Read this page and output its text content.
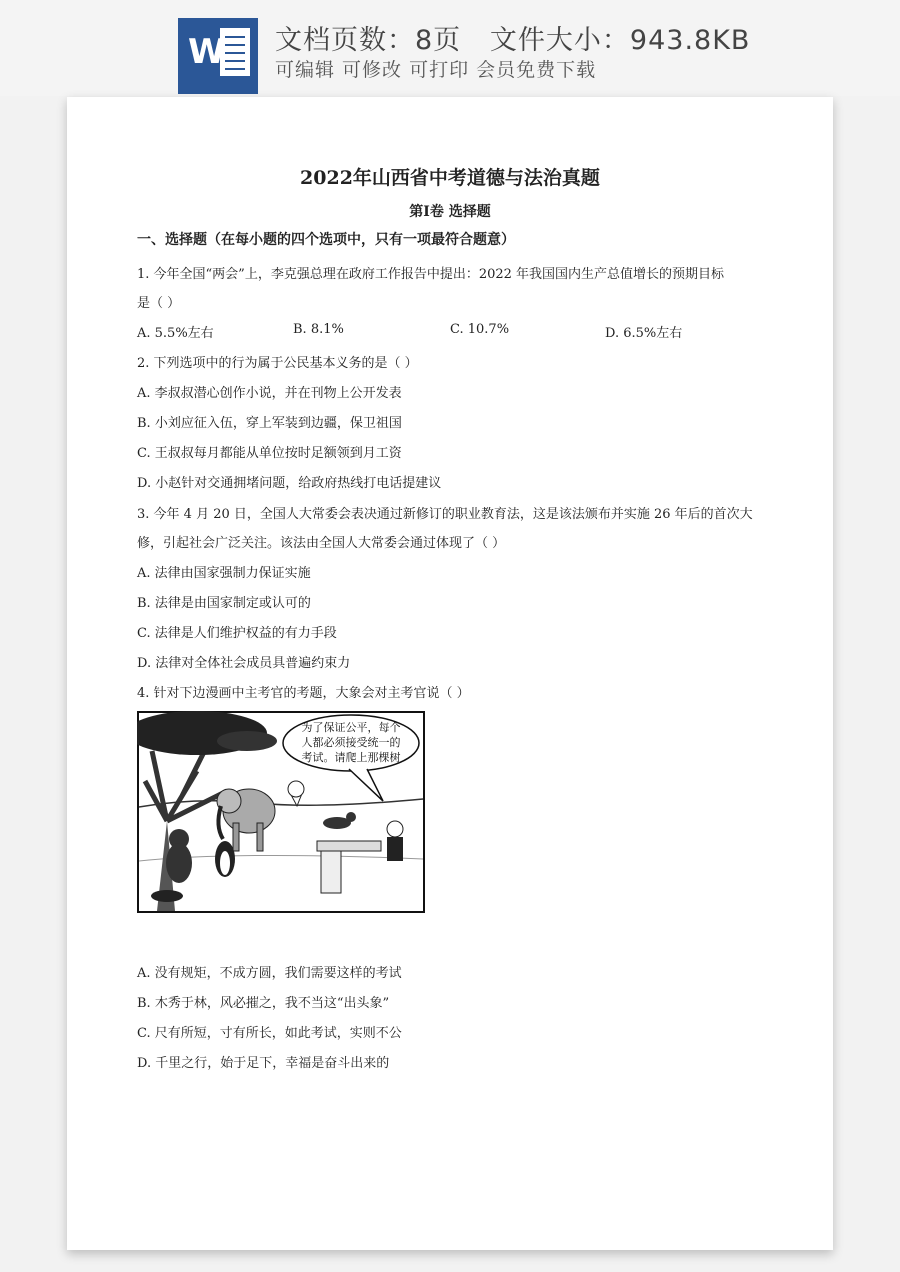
W 文档页数：8页   文件大小：943.8KB
可编辑 可修改 可打印 会员免费下载
2022年山西省中考道德与法治真题
第Ⅰ卷 选择题
一、选择题（在每小题的四个选项中，只有一项最符合题意）
1. 今年全国“两会”上，李克强总理在政府工作报告中提出：2022 年我国国内生产总值增长的预期目标
是（ ）
A. 5.5%左右	B. 8.1%	C. 10.7%	D. 6.5%左右
2. 下列选项中的行为属于公民基本义务的是（ ）
A. 李叔叔潜心创作小说，并在刊物上公开发表
B. 小刘应征入伍，穿上军装到边疆，保卫祖国
C. 王叔叔每月都能从单位按时足额领到月工资
D. 小赵针对交通拥堵问题，给政府热线打电话提建议
3. 今年 4 月 20 日，全国人大常委会表决通过新修订的职业教育法，这是该法颁布并实施 26 年后的首次大
修，引起社会广泛关注。该法由全国人大常委会通过体现了（ ）
A. 法律由国家强制力保证实施
B. 法律是由国家制定或认可的
C. 法律是人们维护权益的有力手段
D. 法律对全体社会成员具普遍约束力
4. 针对下边漫画中主考官的考题，大象会对主考官说（ ）
为了保证公平，每个
人都必须接受统一的
考试。请爬上那棵树
A. 没有规矩，不成方圆，我们需要这样的考试
B. 木秀于林，风必摧之，我不当这“出头象”
C. 尺有所短，寸有所长，如此考试，实则不公
D. 千里之行，始于足下，幸福是奋斗出来的
